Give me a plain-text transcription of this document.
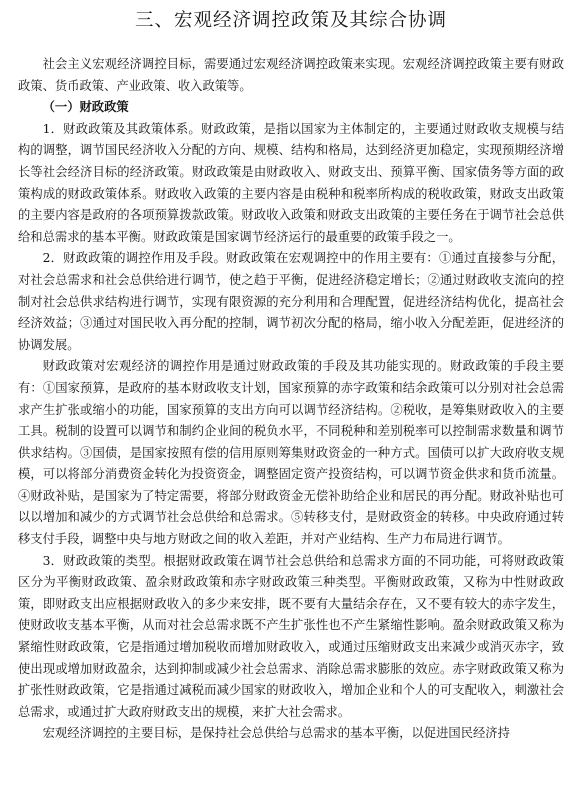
三、宏观经济调控政策及其综合协调

社会主义宏观经济调控目标，需要通过宏观经济调控政策来实现。宏观经济调控政策主要有财政政策、货币政策、产业政策、收入政策等。

（一）财政政策

1．财政政策及其政策体系。财政政策，是指以国家为主体制定的，主要通过财政收支规模与结构的调整，调节国民经济收入分配的方向、规模、结构和格局，达到经济更加稳定，实现预期经济增长等社会经济目标的经济政策。财政政策是由财政收入、财政支出、预算平衡、国家债务等方面的政策构成的财政政策体系。财政收入政策的主要内容是由税种和税率所构成的税收政策，财政支出政策的主要内容是政府的各项预算拨款政策。财政收入政策和财政支出政策的主要任务在于调节社会总供给和总需求的基本平衡。财政政策是国家调节经济运行的最重要的政策手段之一。

2．财政政策的调控作用及手段。财政政策在宏观调控中的作用主要有：①通过直接参与分配，对社会总需求和社会总供给进行调节，使之趋于平衡，促进经济稳定增长；②通过财政收支流向的控制对社会总供求结构进行调节，实现有限资源的充分利用和合理配置，促进经济结构优化，提高社会经济效益；③通过对国民收入再分配的控制，调节初次分配的格局，缩小收入分配差距，促进经济的协调发展。

财政政策对宏观经济的调控作用是通过财政政策的手段及其功能实现的。财政政策的手段主要有：①国家预算，是政府的基本财政收支计划，国家预算的赤字政策和结余政策可以分别对社会总需求产生扩张或缩小的功能，国家预算的支出方向可以调节经济结构。②税收，是筹集财政收入的主要工具。税制的设置可以调节和制约企业间的税负水平，不同税种和差别税率可以控制需求数量和调节供求结构。③国债，是国家按照有偿的信用原则筹集财政资金的一种方式。国债可以扩大政府收支规模，可以将部分消费资金转化为投资资金，调整固定资产投资结构，可以调节资金供求和货币流量。④财政补贴，是国家为了特定需要，将部分财政资金无偿补助给企业和居民的再分配。财政补贴也可以以增加和减少的方式调节社会总供给和总需求。⑤转移支付，是财政资金的转移。中央政府通过转移支付手段，调整中央与地方财政之间的收入差距，并对产业结构、生产力布局进行调节。

3．财政政策的类型。根据财政政策在调节社会总供给和总需求方面的不同功能，可将财政政策区分为平衡财政政策、盈余财政政策和赤字财政政策三种类型。平衡财政政策，又称为中性财政政策，即财政支出应根据财政收入的多少来安排，既不要有大量结余存在，又不要有较大的赤字发生，使财政收支基本平衡，从而对社会总需求既不产生扩张性也不产生紧缩性影响。盈余财政政策又称为紧缩性财政政策，它是指通过增加税收而增加财政收入，或通过压缩财政支出来减少或消灭赤字，致使出现或增加财政盈余，达到抑制或减少社会总需求、消除总需求膨胀的效应。赤字财政政策又称为扩张性财政政策，它是指通过减税而减少国家的财政收入，增加企业和个人的可支配收入，刺激社会总需求，或通过扩大政府财政支出的规模，来扩大社会需求。

宏观经济调控的主要目标，是保持社会总供给与总需求的基本平衡，以促进国民经济持
